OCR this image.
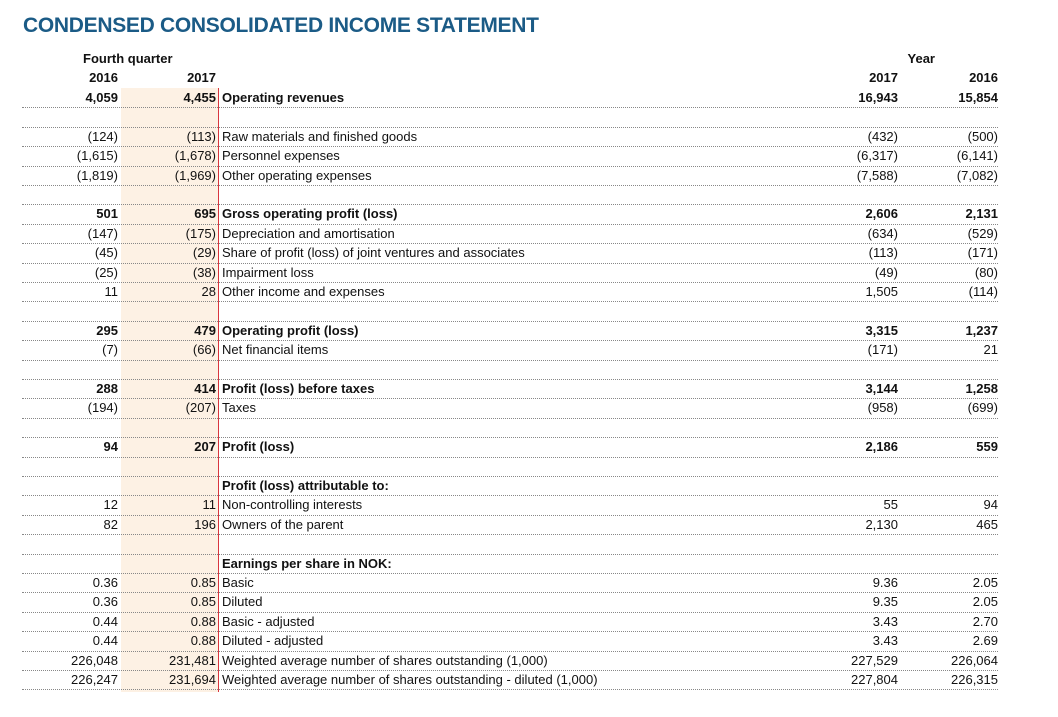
CONDENSED CONSOLIDATED INCOME STATEMENT
Fourth quarter	Year
2016	2017	2017	2016
4,059	4,455 Operating revenues	16,943	15,854
(124)	(113) Raw materials and finished goods	(432)	(500)
(1,615)	(1,678) Personnel expenses	(6,317)	(6,141)
(1,819)	(1,969) Other operating expenses	(7,588)	(7,082)
501	695 Gross operating profit (loss)	2,606	2,131
(147)	(175) Depreciation and amortisation	(634)	(529)
(45)	(29) Share of profit (loss) of joint ventures and associates	(113)	(171)
(25)	(38) Impairment loss	(49)	(80)
11	28 Other income and expenses	1,505	(114)
295	479 Operating profit (loss)	3,315	1,237
(7)	(66) Net financial items	(171)	21
288	414 Profit (loss) before taxes	3,144	1,258
(194)	(207) Taxes	(958)	(699)
94	207 Profit (loss)	2,186	559
Profit (loss) attributable to:
12	11 Non-controlling interests	55	94
82	196 Owners of the parent	2,130	465
Earnings per share in NOK:
0.36	0.85 Basic	9.36	2.05
0.36	0.85 Diluted	9.35	2.05
0.44	0.88 Basic - adjusted	3.43	2.70
0.44	0.88 Diluted - adjusted	3.43	2.69
226,048	231,481 Weighted average number of shares outstanding (1,000)	227,529	226,064
226,247	231,694 Weighted average number of shares outstanding - diluted (1,000)	227,804	226,315
